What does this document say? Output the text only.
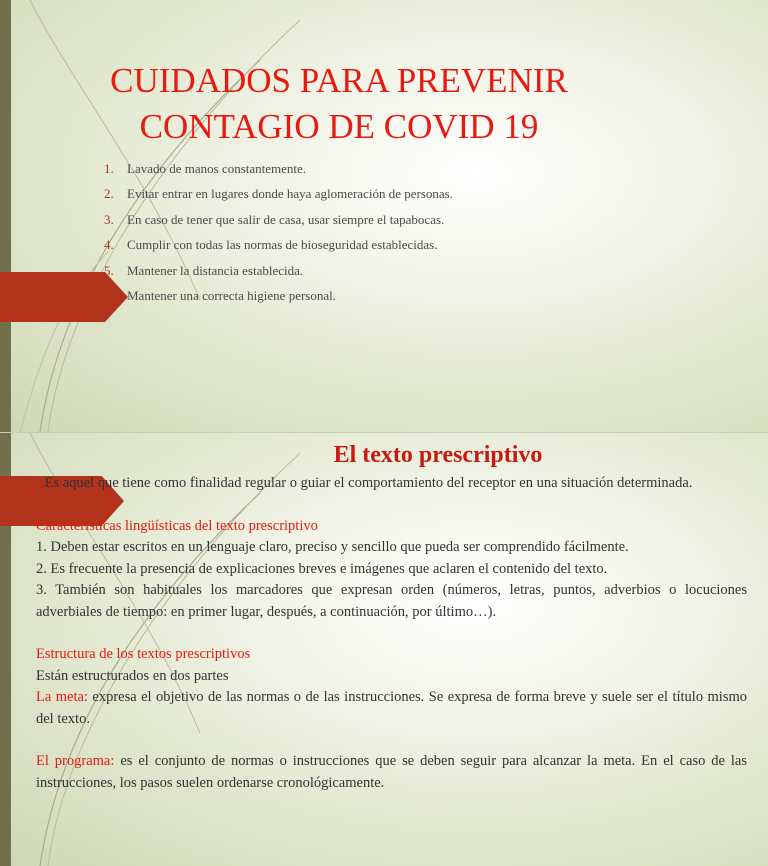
CUIDADOS PARA PREVENIR
CONTAGIO DE COVID 19
1. Lavado de manos constantemente.
2. Evitar entrar en lugares donde haya aglomeración de personas.
3. En caso de tener que salir de casa, usar siempre el tapabocas.
4. Cumplir con todas las normas de bioseguridad establecidas.
5. Mantener la distancia establecida.
6. Mantener una correcta higiene personal.
El texto prescriptivo

Es aquel que tiene como finalidad regular o guiar el comportamiento del receptor en una situación determinada.

Características lingüísticas del texto prescriptivo

1. Deben estar escritos en un lenguaje claro, preciso y sencillo que pueda ser comprendido fácilmente.

2. Es frecuente la presencia de explicaciones breves e imágenes que aclaren el contenido del texto.

3. También son habituales los marcadores que expresan orden (números, letras, puntos, adverbios o locuciones adverbiales de tiempo: en primer lugar, después, a continuación, por último…).

Estructura de los textos prescriptivos

Están estructurados en dos partes

La meta: expresa el objetivo de las normas o de las instrucciones. Se expresa de forma breve y suele ser el título mismo del texto.

El programa: es el conjunto de normas o instrucciones que se deben seguir para alcanzar la meta. En el caso de las instrucciones, los pasos suelen ordenarse cronológicamente.
